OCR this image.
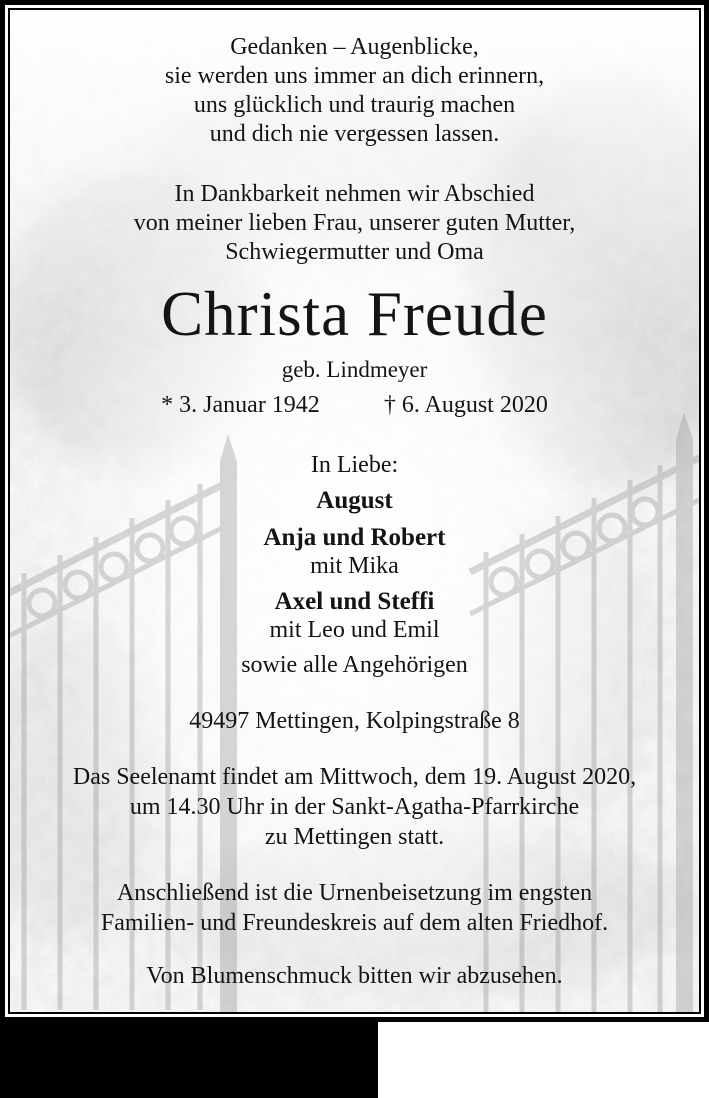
Gedanken – Augenblicke,
sie werden uns immer an dich erinnern,
uns glücklich und traurig machen
und dich nie vergessen lassen.
In Dankbarkeit nehmen wir Abschied
von meiner lieben Frau, unserer guten Mutter,
Schwiegermutter und Oma
Christa Freude
geb. Lindmeyer
* 3. Januar 1942	† 6. August 2020
In Liebe:
August
Anja und Robert
mit Mika
Axel und Steffi
mit Leo und Emil
sowie alle Angehörigen
49497 Mettingen, Kolpingstraße 8
Das Seelenamt findet am Mittwoch, dem 19. August 2020,
um 14.30 Uhr in der Sankt-Agatha-Pfarrkirche
zu Mettingen statt.
Anschließend ist die Urnenbeisetzung im engsten
Familien- und Freundeskreis auf dem alten Friedhof.
Von Blumenschmuck bitten wir abzusehen.
